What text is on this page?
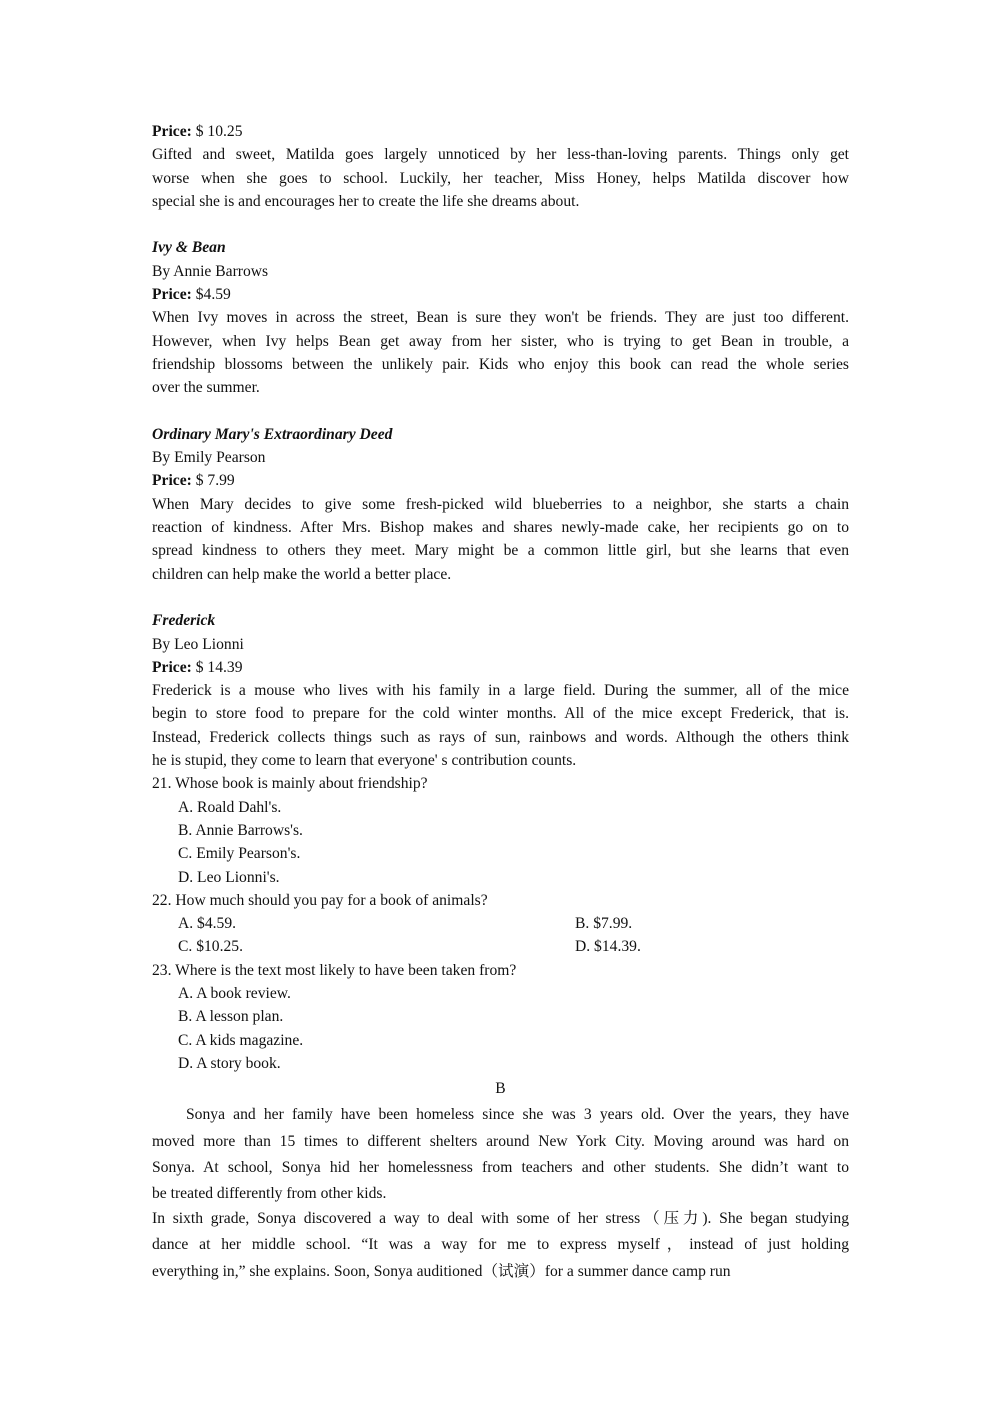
Price: $ 10.25
Gifted and sweet, Matilda goes largely unnoticed by her less-than-loving parents. Things only get
worse when she goes to school. Luckily, her teacher, Miss Honey, helps Matilda discover how
special she is and encourages her to create the life she dreams about.
Ivy & Bean
By Annie Barrows
Price: $4.59
When Ivy moves in across the street, Bean is sure they won't be friends. They are just too different.
However, when Ivy helps Bean get away from her sister, who is trying to get Bean in trouble, a
friendship blossoms between the unlikely pair. Kids who enjoy this book can read the whole series
over the summer.
Ordinary Mary's Extraordinary Deed
By Emily Pearson
Price: $ 7.99
When Mary decides to give some fresh-picked wild blueberries to a neighbor, she starts a chain
reaction of kindness. After Mrs. Bishop makes and shares newly-made cake, her recipients go on to
spread kindness to others they meet. Mary might be a common little girl, but she learns that even
children can help make the world a better place.
Frederick
By Leo Lionni
Price: $ 14.39
Frederick is a mouse who lives with his family in a large field. During the summer, all of the mice
begin to store food to prepare for the cold winter months. All of the mice except Frederick, that is.
Instead, Frederick collects things such as rays of sun, rainbows and words. Although the others think
he is stupid, they come to learn that everyone' s contribution counts.
21. Whose book is mainly about friendship?
A. Roald Dahl's.
B. Annie Barrows's.
C. Emily Pearson's.
D. Leo Lionni's.
22. How much should you pay for a book of animals?
A. $4.59.	B. $7.99.
C. $10.25.	D. $14.39.
23. Where is the text most likely to have been taken from?
A. A book review.
B. A lesson plan.
C. A kids magazine.
D. A story book.
B
Sonya and her family have been homeless since she was 3 years old. Over the years, they have
moved more than 15 times to different shelters around New York City. Moving around was hard on
Sonya. At school, Sonya hid her homelessness from teachers and other students. She didn’t want to
be treated differently from other kids.
In sixth grade, Sonya discovered a way to deal with some of her stress（压力). She began studying
dance at her middle school. “It was a way for me to express myself，instead of just holding
everything in,” she explains. Soon, Sonya auditioned（试演）for a summer dance camp run
